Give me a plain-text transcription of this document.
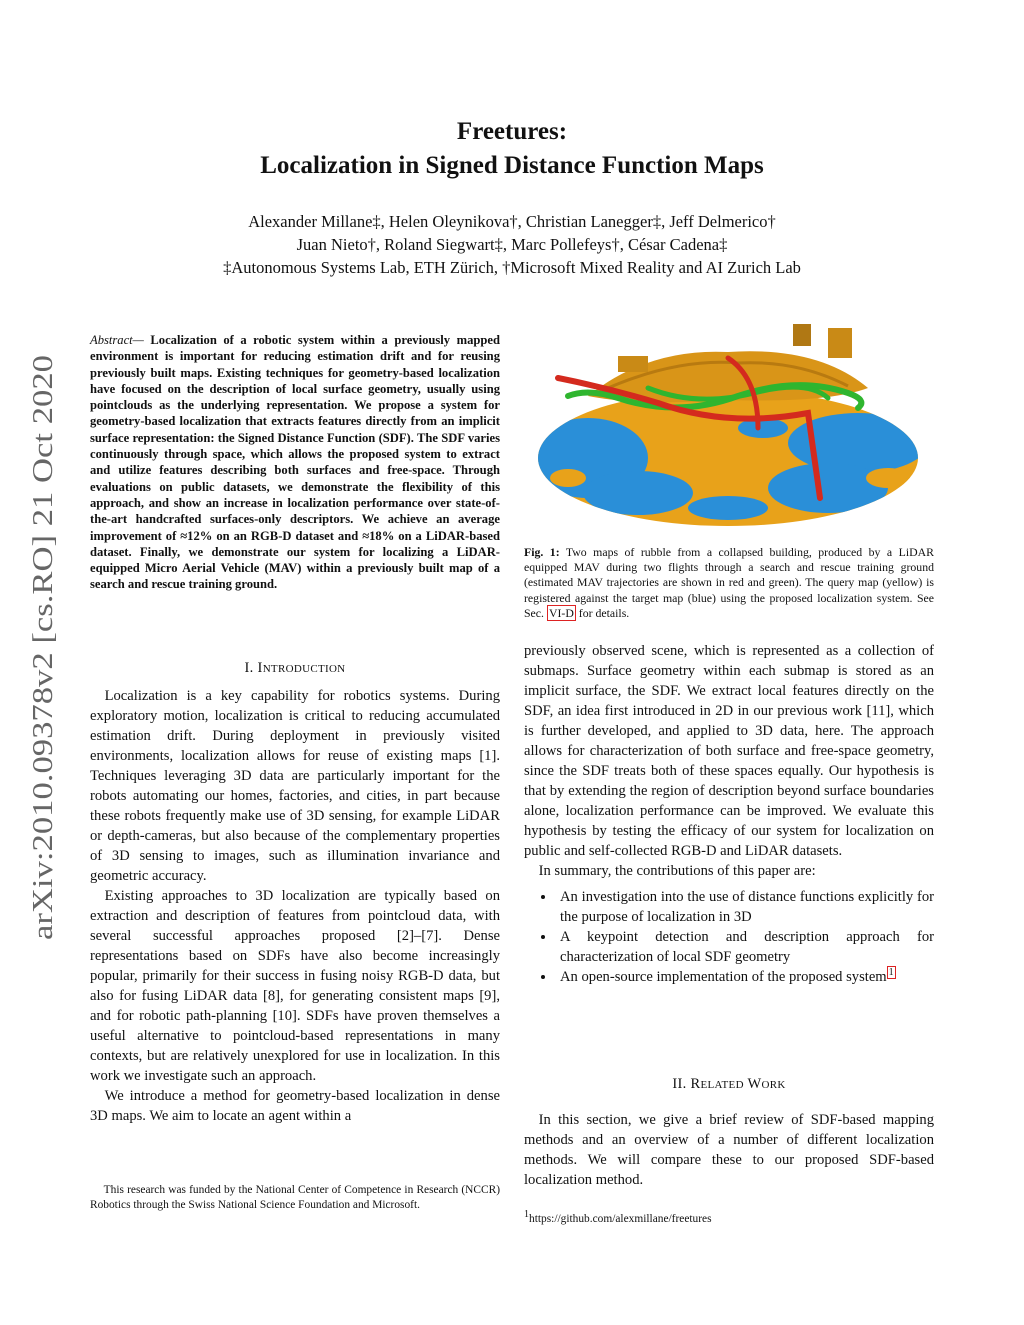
arXiv:2010.09378v2 [cs.RO] 21 Oct 2020
Freetures:
Localization in Signed Distance Function Maps
Alexander Millane‡, Helen Oleynikova†, Christian Lanegger‡, Jeff Delmerico†
Juan Nieto†, Roland Siegwart‡, Marc Pollefeys†, César Cadena‡
‡Autonomous Systems Lab, ETH Zürich, †Microsoft Mixed Reality and AI Zurich Lab
Abstract— Localization of a robotic system within a previously mapped environment is important for reducing estimation drift and for reusing previously built maps. Existing techniques for geometry-based localization have focused on the description of local surface geometry, usually using pointclouds as the underlying representation. We propose a system for geometry-based localization that extracts features directly from an implicit surface representation: the Signed Distance Function (SDF). The SDF varies continuously through space, which allows the proposed system to extract and utilize features describing both surfaces and free-space. Through evaluations on public datasets, we demonstrate the flexibility of this approach, and show an increase in localization performance over state-of-the-art handcrafted surfaces-only descriptors. We achieve an average improvement of ≈12% on an RGB-D dataset and ≈18% on a LiDAR-based dataset. Finally, we demonstrate our system for localizing a LiDAR-equipped Micro Aerial Vehicle (MAV) within a previously built map of a search and rescue training ground.
I. INTRODUCTION

Localization is a key capability for robotics systems. During exploratory motion, localization is critical to reducing accumulated estimation drift. During deployment in previously visited environments, localization allows for reuse of existing maps [1]. Techniques leveraging 3D data are particularly important for the robots automating our homes, factories, and cities, in part because these robots frequently make use of 3D sensing, for example LiDAR or depth-cameras, but also because of the complementary properties of 3D sensing to images, such as illumination invariance and geometric accuracy.

Existing approaches to 3D localization are typically based on extraction and description of features from pointcloud data, with several successful approaches proposed [2]–[7]. Dense representations based on SDFs have also become increasingly popular, primarily for their success in fusing noisy RGB-D data, but also for fusing LiDAR data [8], for generating consistent maps [9], and for robotic path-planning [10]. SDFs have proven themselves a useful alternative to pointcloud-based representations in many contexts, but are relatively unexplored for use in localization. In this work we investigate such an approach.

We introduce a method for geometry-based localization in dense 3D maps. We aim to locate an agent within a

This research was funded by the National Center of Competence in Research (NCCR) Robotics through the Swiss National Science Foundation and Microsoft.

Fig. 1: Two maps of rubble from a collapsed building, produced by a LiDAR equipped MAV during two flights through a search and rescue training ground (estimated MAV trajectories are shown in red and green). The query map (yellow) is registered against the target map (blue) using the proposed localization system. See Sec. VI-D for details.

previously observed scene, which is represented as a collection of submaps. Surface geometry within each submap is stored as an implicit surface, the SDF. We extract local features directly on the SDF, an idea first introduced in 2D in our previous work [11], which is further developed, and applied to 3D data, here. The approach allows for characterization of both surface and free-space geometry, since the SDF treats both of these spaces equally. Our hypothesis is that by extending the region of description beyond surface boundaries alone, localization performance can be improved. We evaluate this hypothesis by testing the efficacy of our system for localization on public and self-collected RGB-D and LiDAR datasets.

In summary, the contributions of this paper are:

• An investigation into the use of distance functions explicitly for the purpose of localization in 3D
• A keypoint detection and description approach for characterization of local SDF geometry
• An open-source implementation of the proposed system $^1$
II. RELATED WORK

In this section, we give a brief review of SDF-based mapping methods and an overview of a number of different localization methods. We will compare these to our proposed SDF-based localization method.

$^1$https://github.com/alexmillane/freetures
